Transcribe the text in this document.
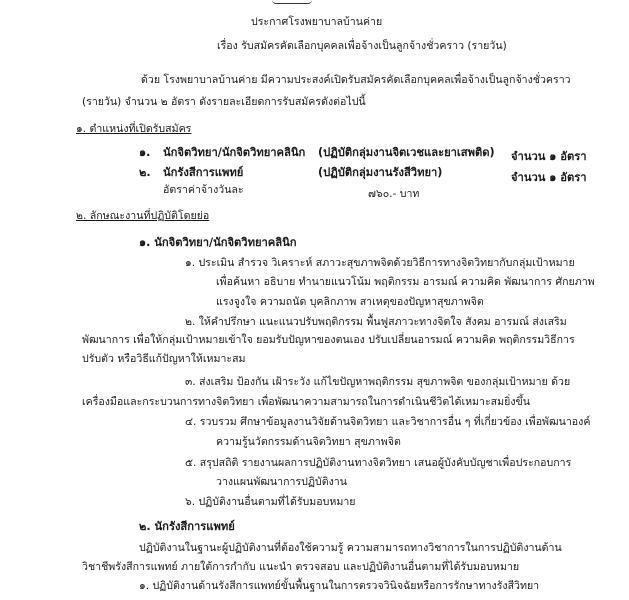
ประกาศโรงพยาบาลบ้านค่าย
เรื่อง รับสมัครคัดเลือกบุคคลเพื่อจ้างเป็นลูกจ้างชั่วคราว (รายวัน)
ด้วย โรงพยาบาลบ้านค่าย มีความประสงค์เปิดรับสมัครคัดเลือกบุคคลเพื่อจ้างเป็นลูกจ้างชั่วคราว
(รายวัน) จำนวน ๒ อัตรา ดังรายละเอียดการรับสมัครดังต่อไปนี้
๑. ตำแหน่งที่เปิดรับสมัคร
๑. นักจิตวิทยา/นักจิตวิทยาคลินิก (ปฏิบัติกลุ่มงานจิตเวชและยาเสพติด) จำนวน ๑ อัตรา
๒. นักรังสีการแพทย์	(ปฏิบัติกลุ่มงานรังสีวิทยา)	จำนวน ๑ อัตรา
อัตราค่าจ้างวันละ	๗๖๐.- บาท
๒. ลักษณะงานที่ปฏิบัติโดยย่อ
๑. นักจิตวิทยา/นักจิตวิทยาคลินิก
๑. ประเมิน สำรวจ วิเคราะห์ สภาวะสุขภาพจิตด้วยวิธีการทางจิตวิทยากับกลุ่มเป้าหมาย
เพื่อค้นหา อธิบาย ทำนายแนวโน้ม พฤติกรรม อารมณ์ ความคิด พัฒนาการ ศักยภาพ
แรงจูงใจ ความถนัด บุคลิกภาพ สาเหตุของปัญหาสุขภาพจิต
๒. ให้คำปรึกษา แนะแนวปรับพฤติกรรม พื้นฟูสภาวะทางจิตใจ สังคม อารมณ์ ส่งเสริม
พัฒนาการ เพื่อให้กลุ่มเป้าหมายเข้าใจ ยอมรับปัญหาของตนเอง ปรับเปลี่ยนอารมณ์ ความคิด พฤติกรรมวิธีการ
ปรับตัว หรือวิธีแก้ปัญหาให้เหมาะสม
๓. ส่งเสริม ป้องกัน เฝ้าระวัง แก้ไขปัญหาพฤติกรรม สุขภาพจิต ของกลุ่มเป้าหมาย ด้วย
เครื่องมือและกระบวนการทางจิตวิทยา เพื่อพัฒนาความสามารถในการดำเนินชีวิตได้เหมาะสมยิ่งขึ้น
๔. รวบรวม ศึกษาข้อมูลงานวิจัยด้านจิตวิทยา และวิชาการอื่น ๆ ที่เกี่ยวข้อง เพื่อพัฒนาองค์
ความรู้นวัตกรรมด้านจิตวิทยา สุขภาพจิต
๕. สรุปสถิติ รายงานผลการปฏิบัติงานทางจิตวิทยา เสนอผู้บังคับบัญชาเพื่อประกอบการ
วางแผนพัฒนาการปฏิบัติงาน
๖. ปฏิบัติงานอื่นตามที่ได้รับมอบหมาย
๒. นักรังสีการแพทย์
ปฏิบัติงานในฐานะผู้ปฏิบัติงานที่ต้องใช้ความรู้ ความสามารถทางวิชาการในการปฏิบัติงานด้าน
วิชาชีพรังสีการแพทย์ ภายใต้การกำกับ แนะนำ ตรวจสอบ และปฏิบัติงานอื่นตามที่ได้รับมอบหมาย
๑. ปฏิบัติงานด้านรังสีการแพทย์ขั้นพื้นฐานในการตรวจวินิจฉัยหรือการรักษาทางรังสีวิทยา
